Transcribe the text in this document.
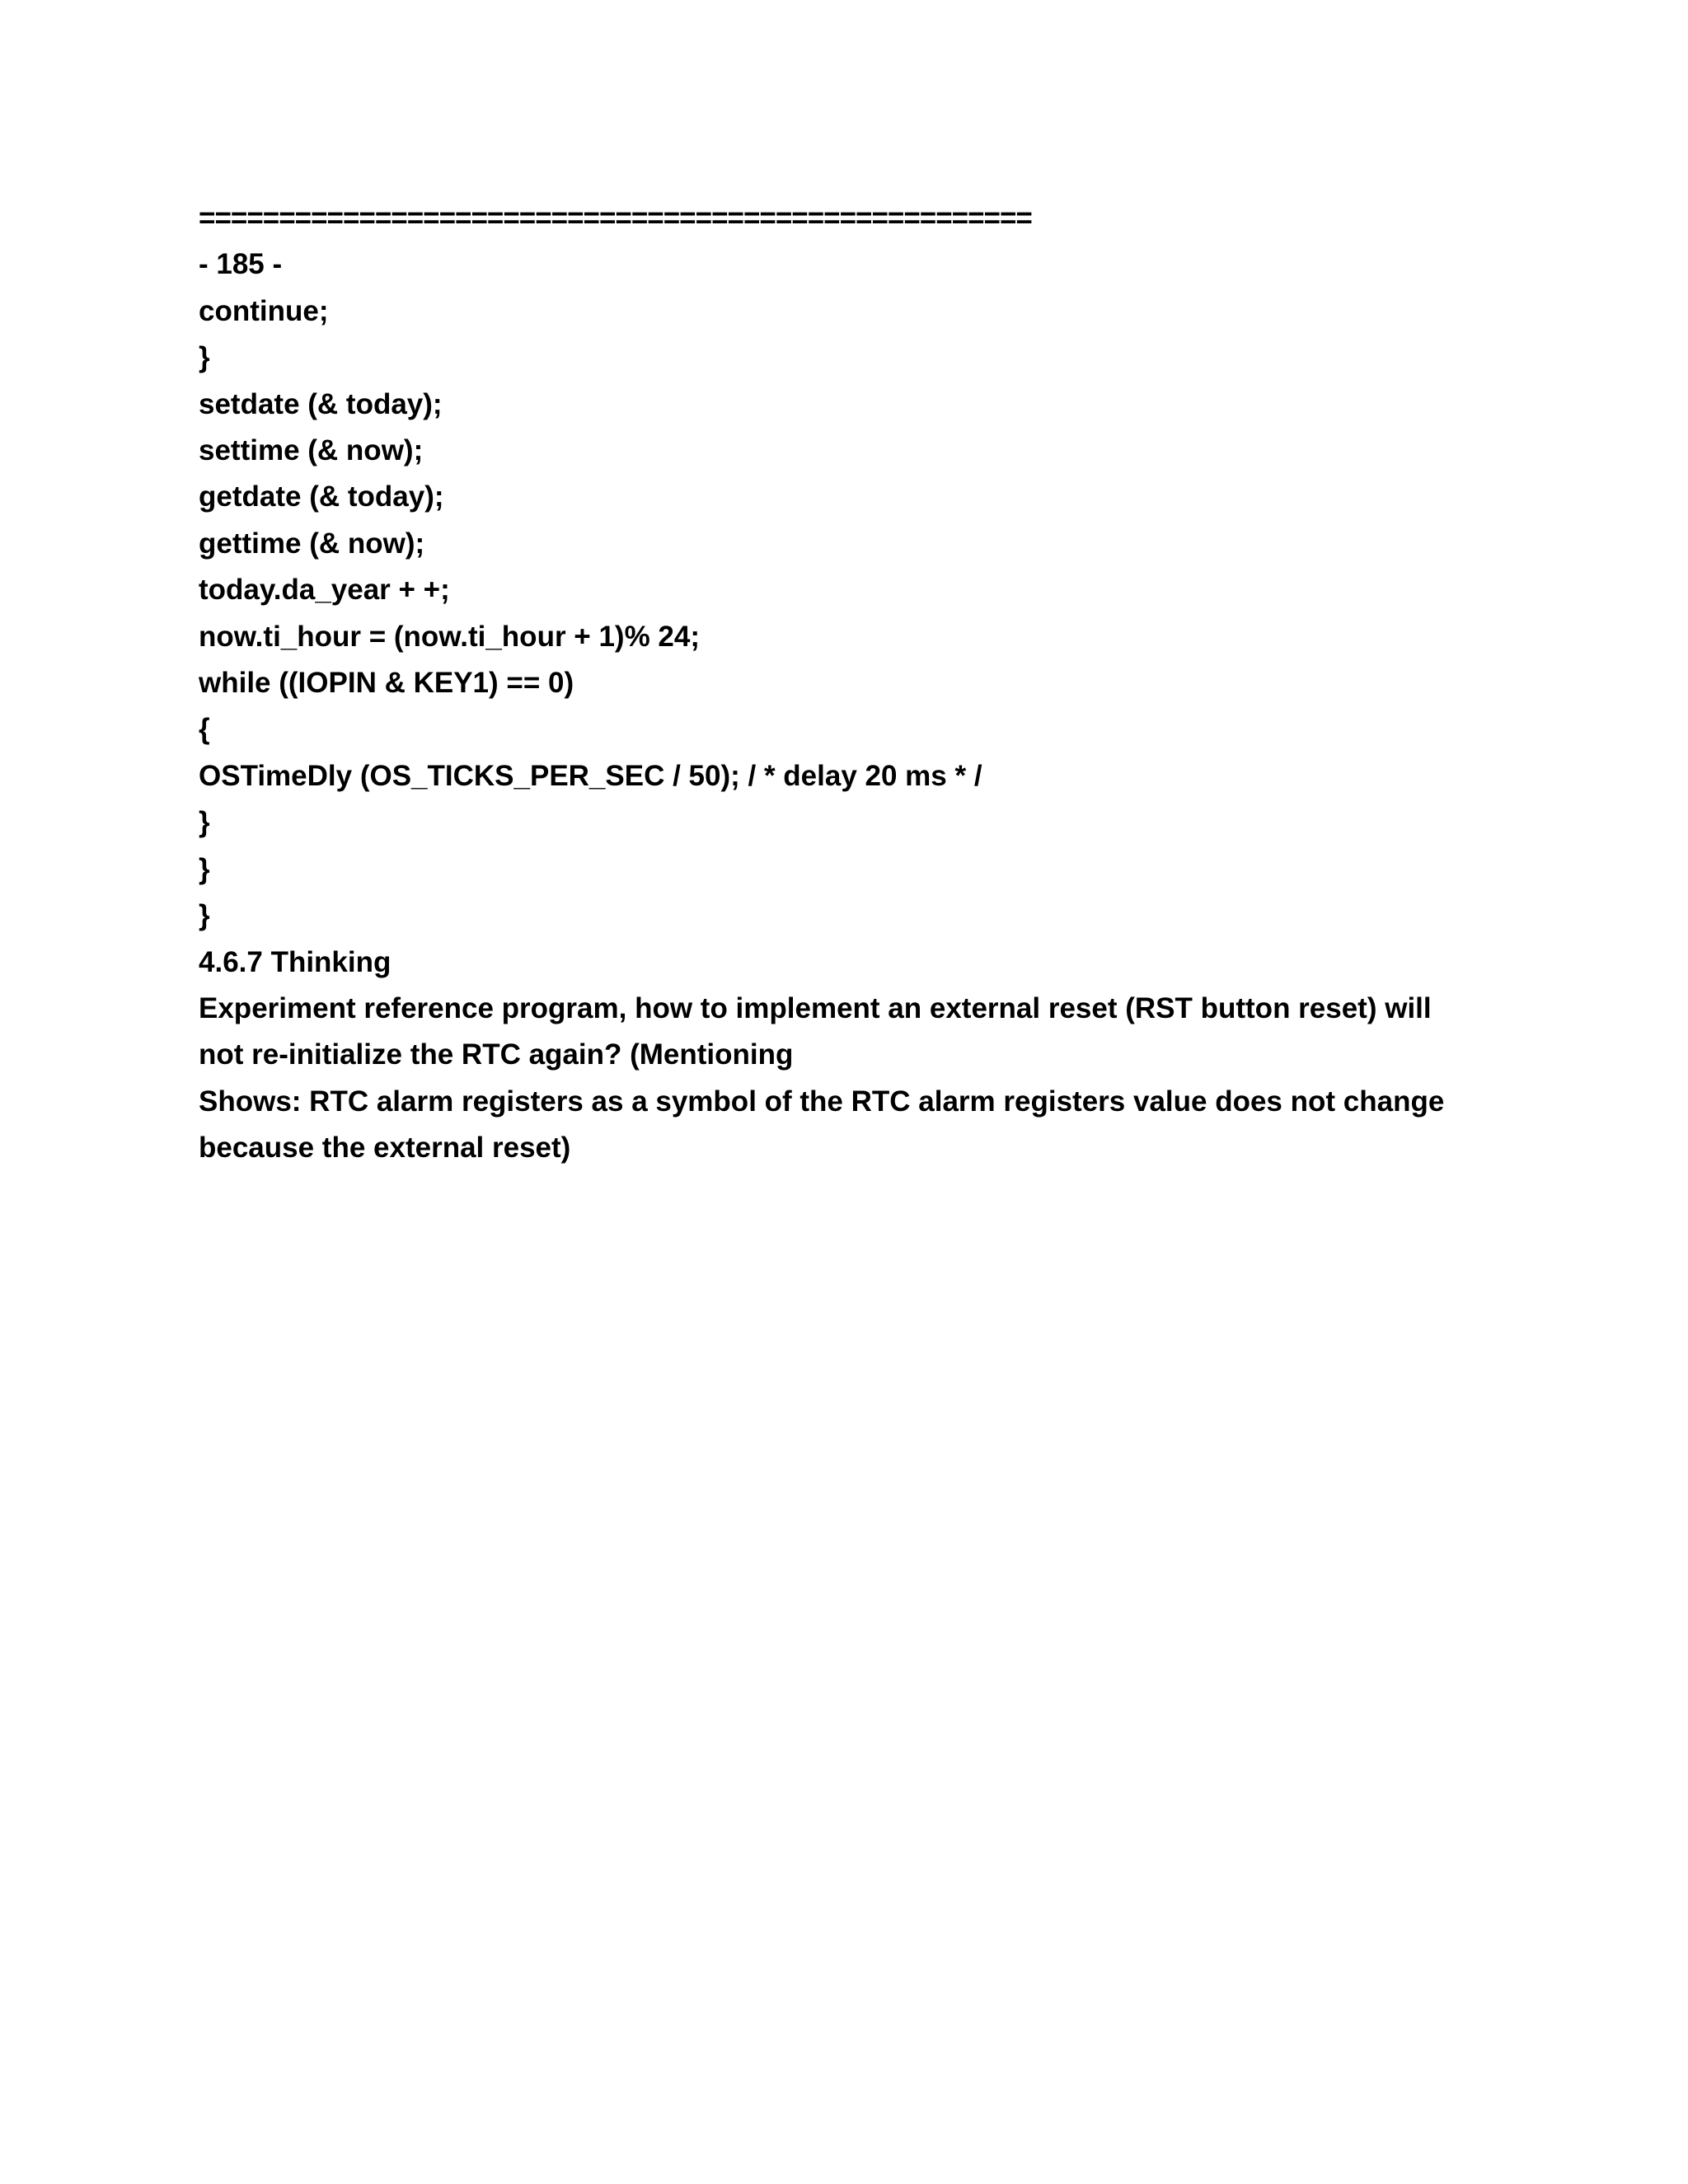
====================================================
- 185 -
continue;
}
setdate (& today);
settime (& now);
getdate (& today);
gettime (& now);
today.da_year + +;
now.ti_hour = (now.ti_hour + 1)% 24;
while ((IOPIN & KEY1) == 0)
{
OSTimeDly (OS_TICKS_PER_SEC / 50); / * delay 20 ms * /
}
}
}
4.6.7 Thinking
Experiment reference program, how to implement an external reset (RST button reset) will
not re-initialize the RTC again? (Mentioning
Shows: RTC alarm registers as a symbol of the RTC alarm registers value does not change
because the external reset)
